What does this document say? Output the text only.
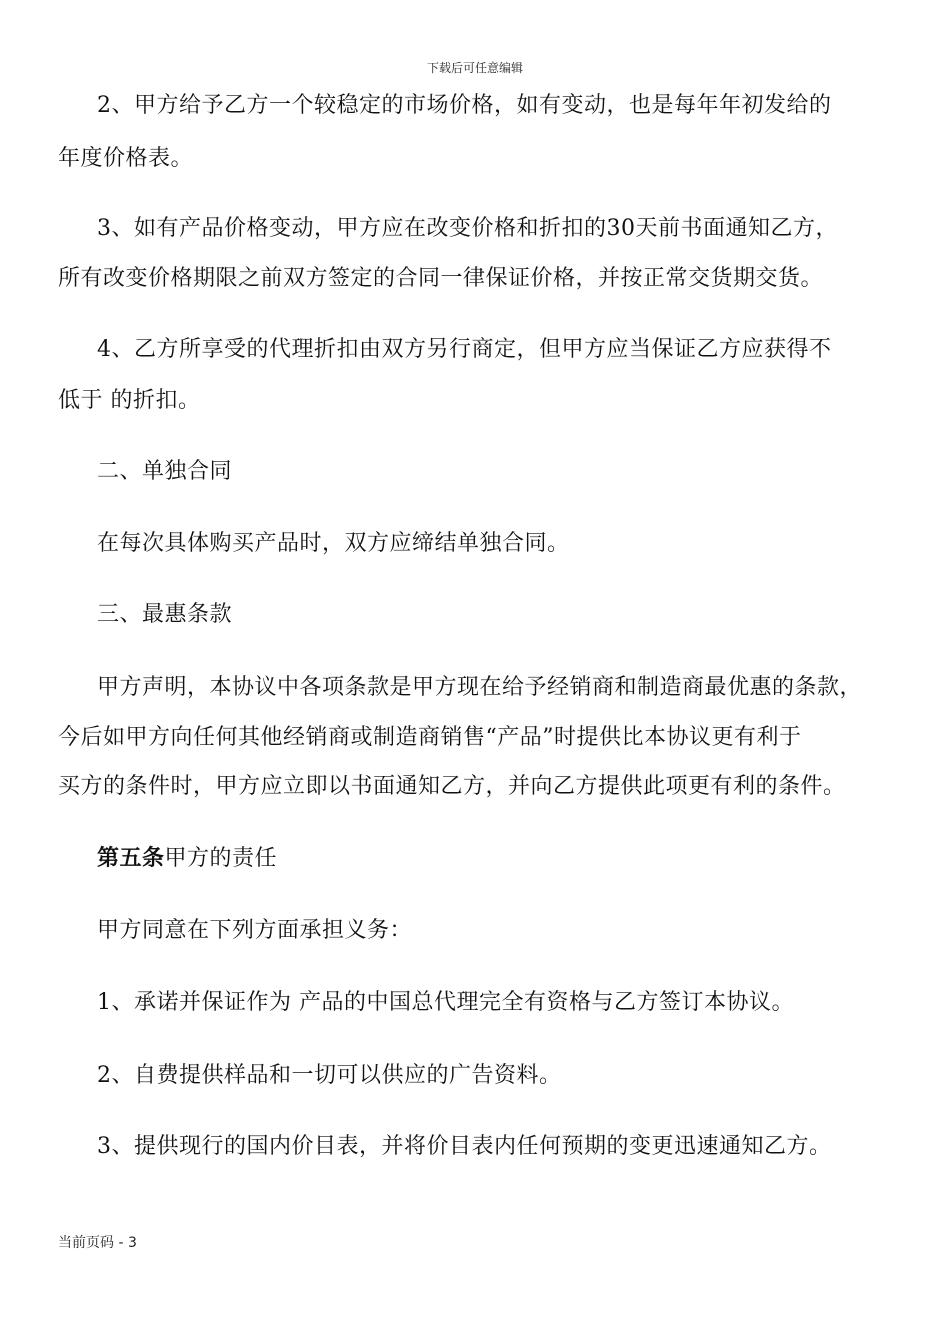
下载后可任意编辑
2、甲方给予乙方一个较稳定的市场价格，如有变动，也是每年年初发给的
年度价格表。
3、如有产品价格变动，甲方应在改变价格和折扣的30天前书面通知乙方，
所有改变价格期限之前双方签定的合同一律保证价格，并按正常交货期交货。
4、乙方所享受的代理折扣由双方另行商定，但甲方应当保证乙方应获得不
低于 的折扣。
二、单独合同
在每次具体购买产品时，双方应缔结单独合同。
三、最惠条款
甲方声明，本协议中各项条款是甲方现在给予经销商和制造商最优惠的条款，
今后如甲方向任何其他经销商或制造商销售“产品”时提供比本协议更有利于
买方的条件时，甲方应立即以书面通知乙方，并向乙方提供此项更有利的条件。
第五条甲方的责任
甲方同意在下列方面承担义务：
1、承诺并保证作为 产品的中国总代理完全有资格与乙方签订本协议。
2、自费提供样品和一切可以供应的广告资料。
3、提供现行的国内价目表，并将价目表内任何预期的变更迅速通知乙方。
当前页码 - 3
